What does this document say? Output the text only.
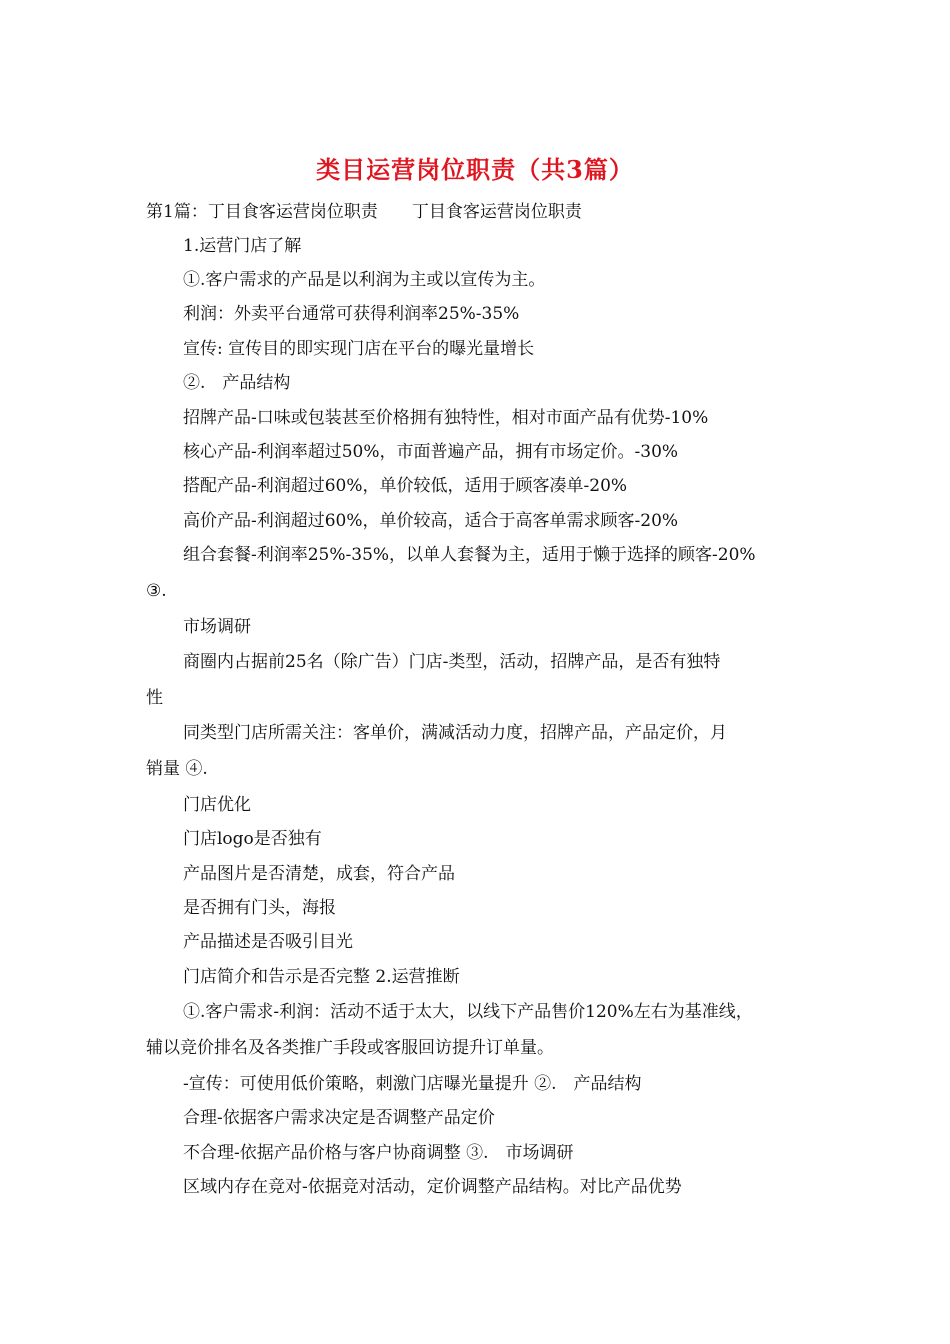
类目运营岗位职责（共3篇）
第1篇：丁目食客运营岗位职责　　丁目食客运营岗位职责
1.运营门店了解
①.客户需求的产品是以利润为主或以宣传为主。
利润：外卖平台通常可获得利润率25%-35%
宣传: 宣传目的即实现门店在平台的曝光量增长
②.　产品结构
招牌产品-口味或包装甚至价格拥有独特性，相对市面产品有优势-10%
核心产品-利润率超过50%，市面普遍产品，拥有市场定价。-30%
搭配产品-利润超过60%，单价较低，适用于顾客凑单-20%
高价产品-利润超过60%，单价较高，适合于高客单需求顾客-20%
组合套餐-利润率25%-35%，以单人套餐为主，适用于懒于选择的顾客-20%
③.
市场调研
商圈内占据前25名（除广告）门店-类型，活动，招牌产品，是否有独特
性
同类型门店所需关注：客单价，满减活动力度，招牌产品，产品定价，月
销量 ④.
门店优化
门店logo是否独有
产品图片是否清楚，成套，符合产品
是否拥有门头，海报
产品描述是否吸引目光
门店简介和告示是否完整 2.运营推断
①.客户需求-利润：活动不适于太大，以线下产品售价120%左右为基准线，
辅以竞价排名及各类推广手段或客服回访提升订单量。
-宣传：可使用低价策略，刺激门店曝光量提升 ②.　产品结构
合理-依据客户需求决定是否调整产品定价
不合理-依据产品价格与客户协商调整 ③.　市场调研
区域内存在竞对-依据竞对活动，定价调整产品结构。对比产品优势
